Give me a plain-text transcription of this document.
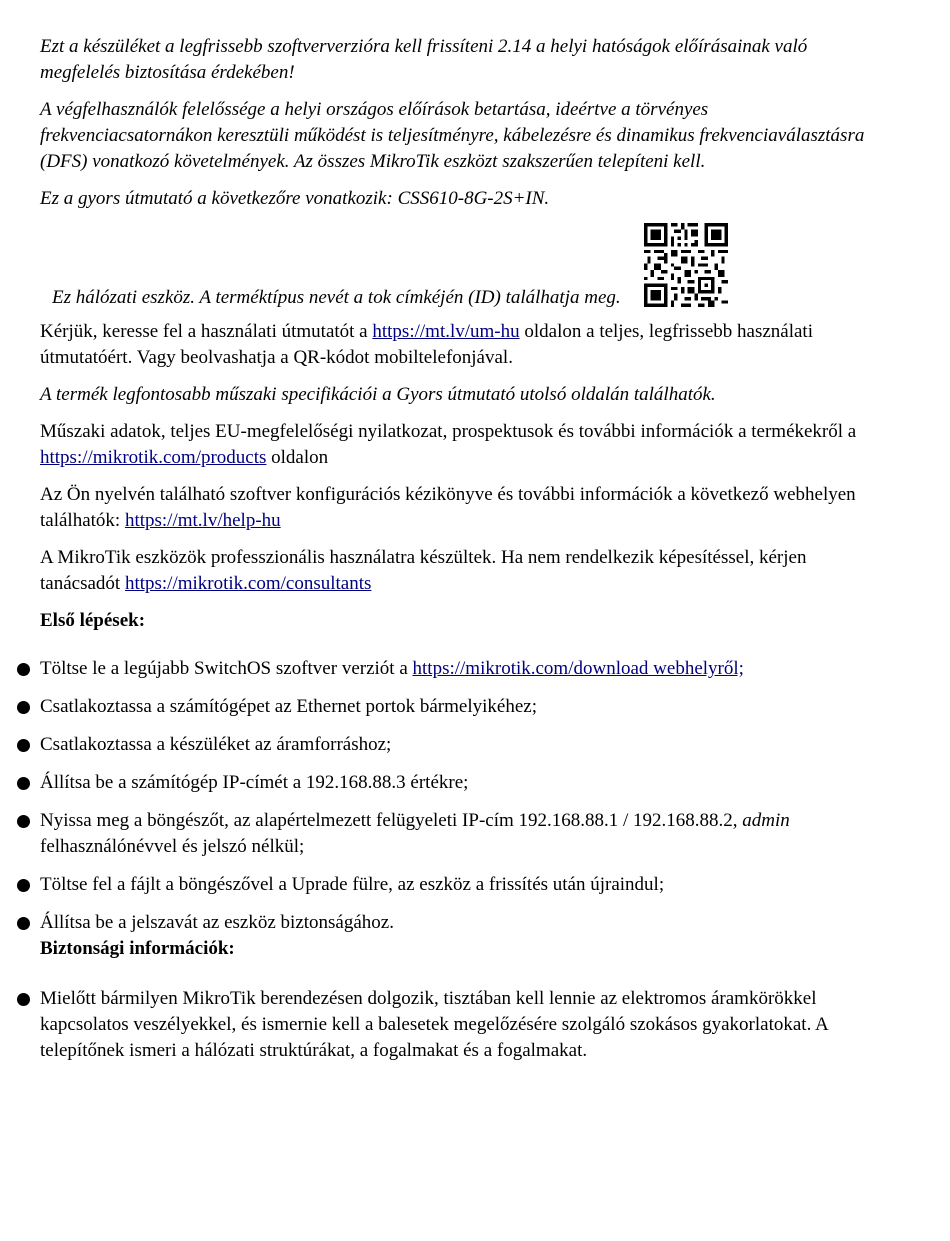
Ezt a készüléket a legfrissebb szoftververzióra kell frissíteni 2.14 a helyi hatóságok előírásainak való megfelelés biztosítása érdekében!

A végfelhasználók felelőssége a helyi országos előírások betartása, ideértve a törvényes frekvenciacsatornákon keresztüli működést is teljesítményre, kábelezésre és dinamikus frekvenciaválasztásra (DFS) vonatkozó követelmények. Az összes MikroTik eszközt szakszerűen telepíteni kell.

Ez a gyors útmutató a következőre vonatkozik: CSS610-8G-2S+IN.

Ez hálózati eszköz. A terméktípus nevét a tok címkéjén (ID) találhatja meg.

Kérjük, keresse fel a használati útmutatót a https://mt.lv/um-hu oldalon a teljes, legfrissebb használati útmutatóért. Vagy beolvashatja a QR-kódot mobiltelefonjával.

A termék legfontosabb műszaki specifikációi a Gyors útmutató utolsó oldalán találhatók.

Műszaki adatok, teljes EU-megfelelőségi nyilatkozat, prospektusok és további információk a termékekről a https://mikrotik.com/products oldalon

Az Ön nyelvén található szoftver konfigurációs kézikönyve és további információk a következő webhelyen találhatók: https://mt.lv/help-hu

A MikroTik eszközök professzionális használatra készültek. Ha nem rendelkezik képesítéssel, kérjen tanácsadót https://mikrotik.com/consultants

Első lépések:
Töltse le a legújabb SwitchOS szoftver verziót a https://mikrotik.com/download webhelyről;
Csatlakoztassa a számítógépet az Ethernet portok bármelyikéhez;
Csatlakoztassa a készüléket az áramforráshoz;
Állítsa be a számítógép IP-címét a 192.168.88.3 értékre;
Nyissa meg a böngészőt, az alapértelmezett felügyeleti IP-cím 192.168.88.1 / 192.168.88.2, admin felhasználónévvel és jelszó nélkül;
Töltse fel a fájlt a böngészővel a Uprade fülre, az eszköz a frissítés után újraindul;
Állítsa be a jelszavát az eszköz biztonságához.
Biztonsági információk:
Mielőtt bármilyen MikroTik berendezésen dolgozik, tisztában kell lennie az elektromos áramkörökkel kapcsolatos veszélyekkel, és ismernie kell a balesetek megelőzésére szolgáló szokásos gyakorlatokat. A telepítőnek ismeri a hálózati struktúrákat, a fogalmakat és a fogalmakat.
